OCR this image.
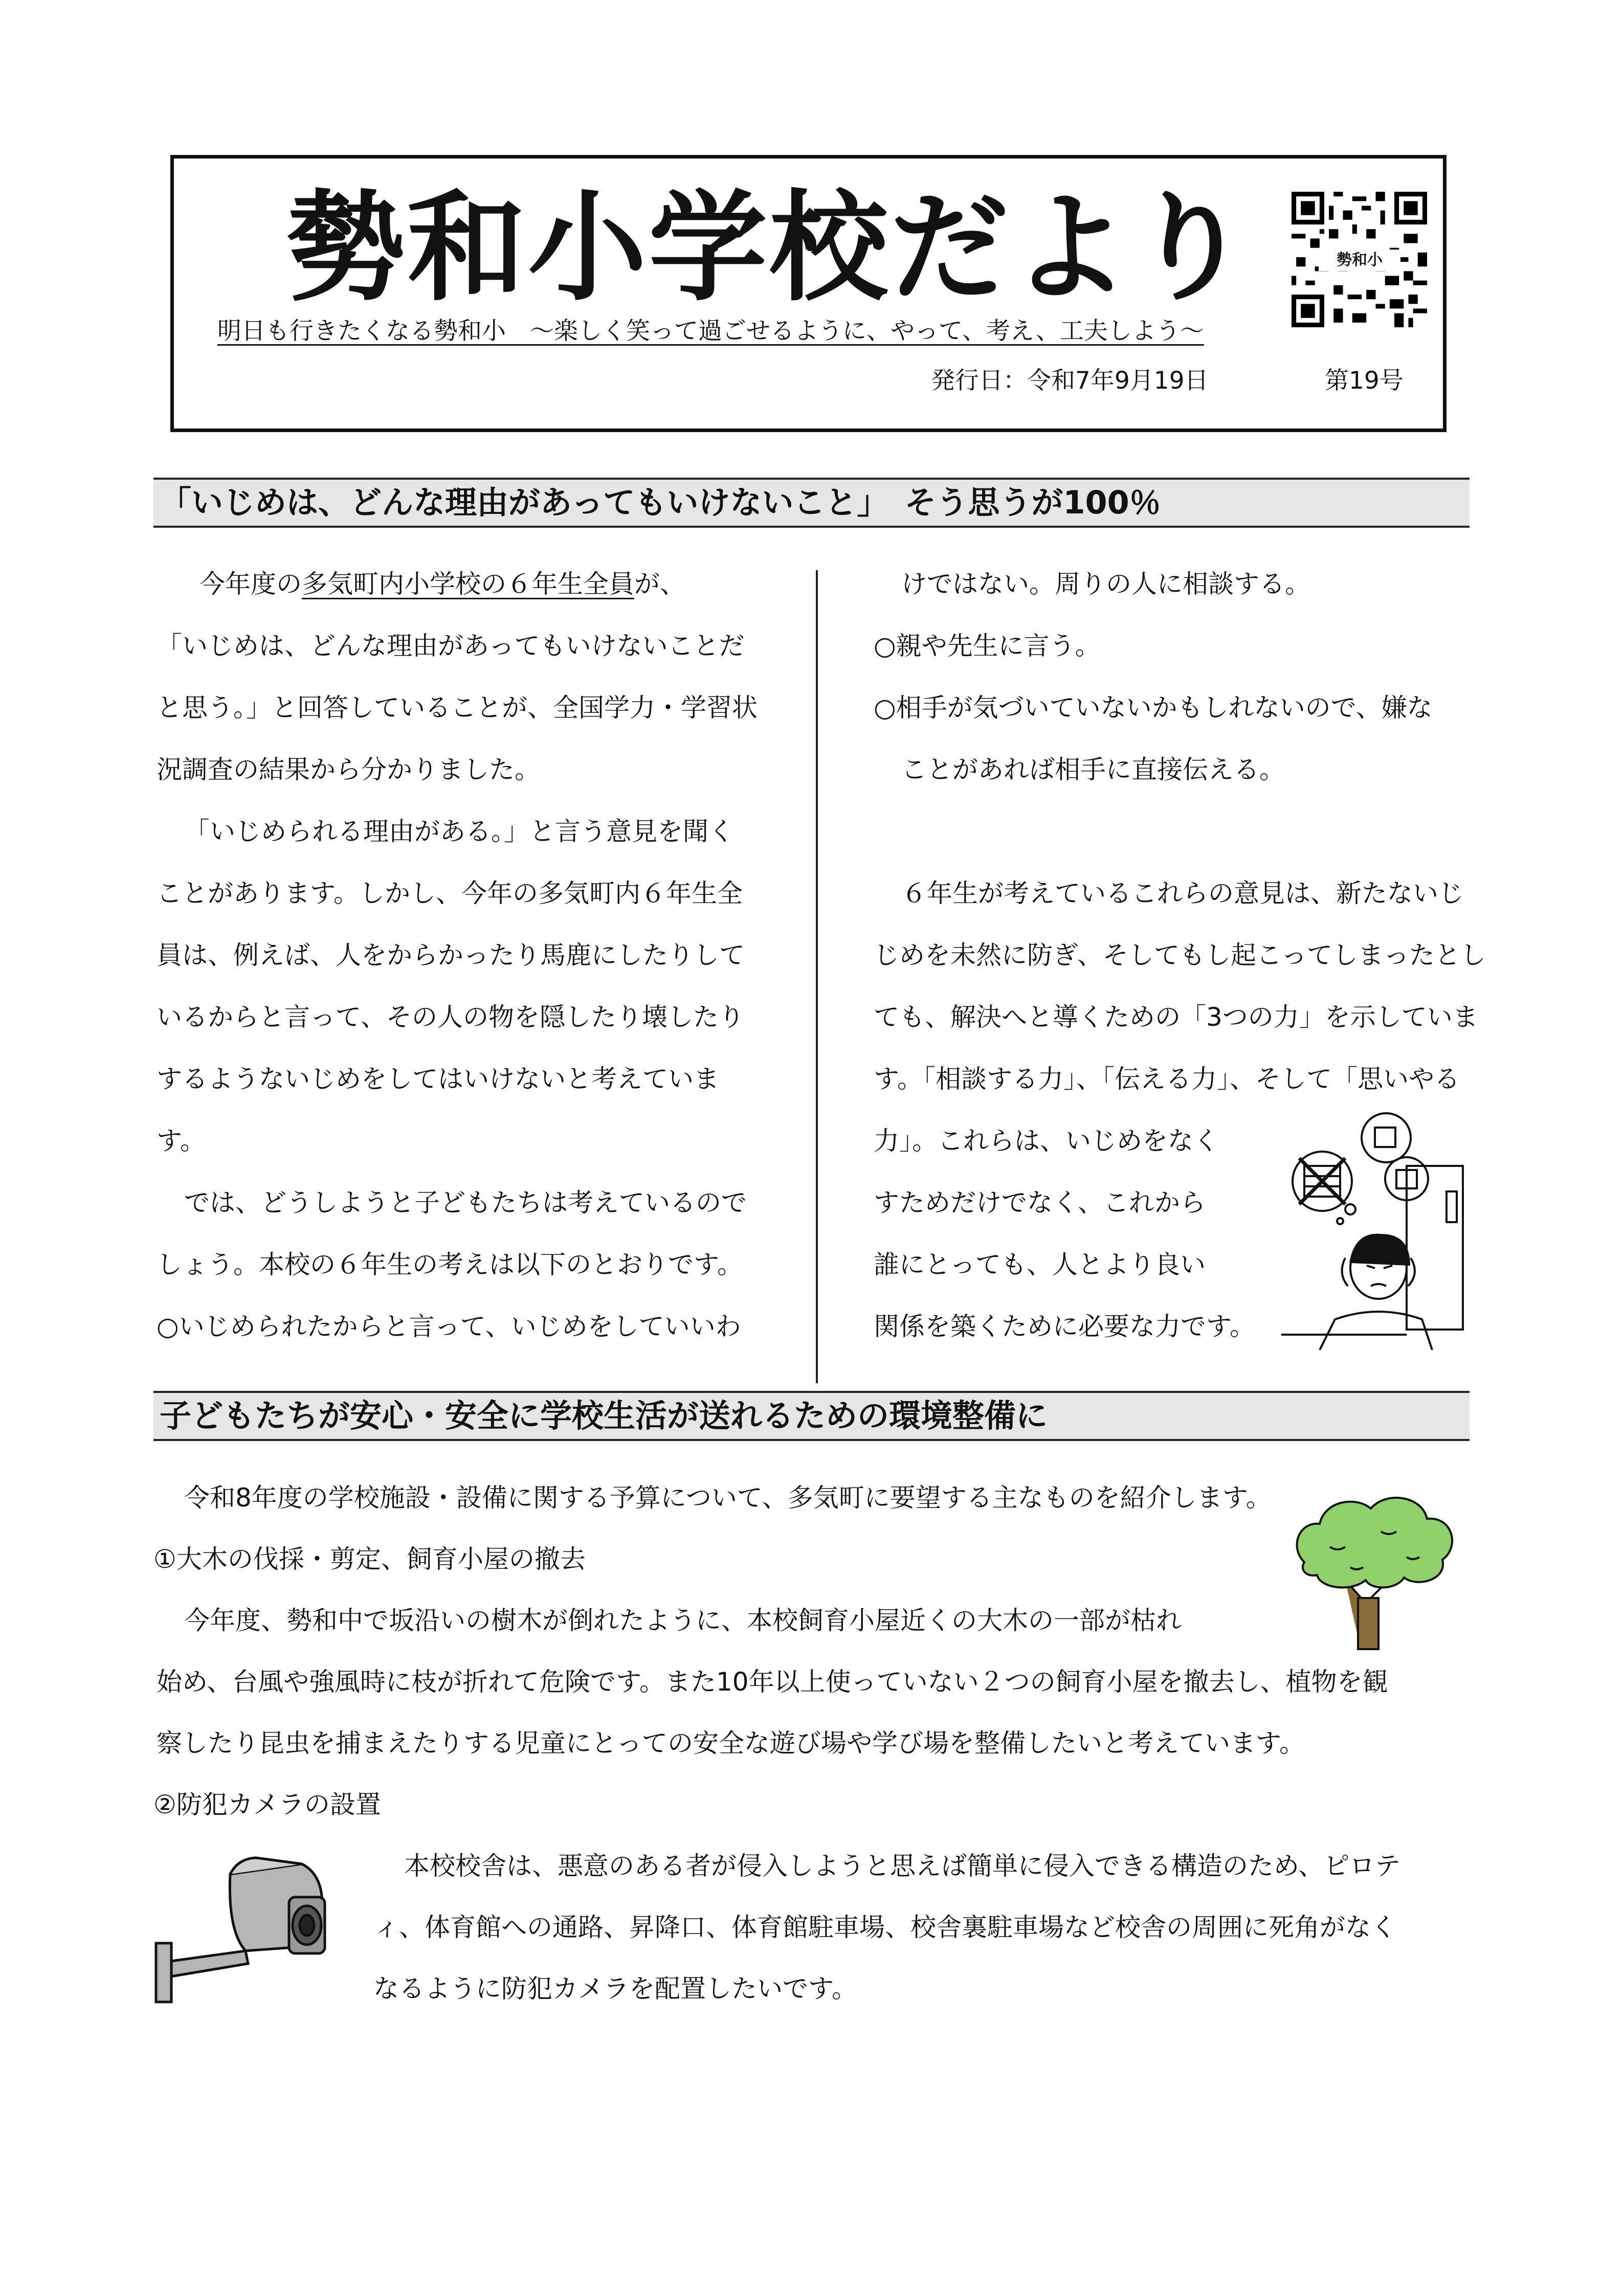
勢和小学校だより	勢和小
明日も行きたくなる勢和小　～楽しく笑って過ごせるように、やって、考え、工夫しよう～
発行日：令和7年9月19日	第19号
「いじめは、どんな理由があってもいけないこと」　そう思うが100％
今年度の多気町内小学校の６年生全員が、
「いじめは、どんな理由があってもいけないことだ
と思う。」と回答していることが、全国学力・学習状
況調査の結果から分かりました。
「いじめられる理由がある。」と言う意見を聞く
ことがあります。しかし、今年の多気町内６年生全
員は、例えば、人をからかったり馬鹿にしたりして
いるからと言って、その人の物を隠したり壊したり
するようないじめをしてはいけないと考えていま
す。
では、どうしようと子どもたちは考えているので
しょう。本校の６年生の考えは以下のとおりです。
○いじめられたからと言って、いじめをしていいわ
けではない。周りの人に相談する。
○親や先生に言う。
○相手が気づいていないかもしれないので、嫌な
ことがあれば相手に直接伝える。
６年生が考えているこれらの意見は、新たないじ
じめを未然に防ぎ、そしてもし起こってしまったとし
ても、解決へと導くための「3つの力」を示していま
す。「相談する力」、「伝える力」、そして「思いやる
力」。これらは、いじめをなく
すためだけでなく、これから
誰にとっても、人とより良い
関係を築くために必要な力です。
子どもたちが安心・安全に学校生活が送れるための環境整備に
令和8年度の学校施設・設備に関する予算について、多気町に要望する主なものを紹介します。
①大木の伐採・剪定、飼育小屋の撤去
今年度、勢和中で坂沿いの樹木が倒れたように、本校飼育小屋近くの大木の一部が枯れ
始め、台風や強風時に枝が折れて危険です。また10年以上使っていない２つの飼育小屋を撤去し、植物を観
察したり昆虫を捕まえたりする児童にとっての安全な遊び場や学び場を整備したいと考えています。
②防犯カメラの設置
本校校舎は、悪意のある者が侵入しようと思えば簡単に侵入できる構造のため、ピロテ
ィ、体育館への通路、昇降口、体育館駐車場、校舎裏駐車場など校舎の周囲に死角がなく
なるように防犯カメラを配置したいです。
